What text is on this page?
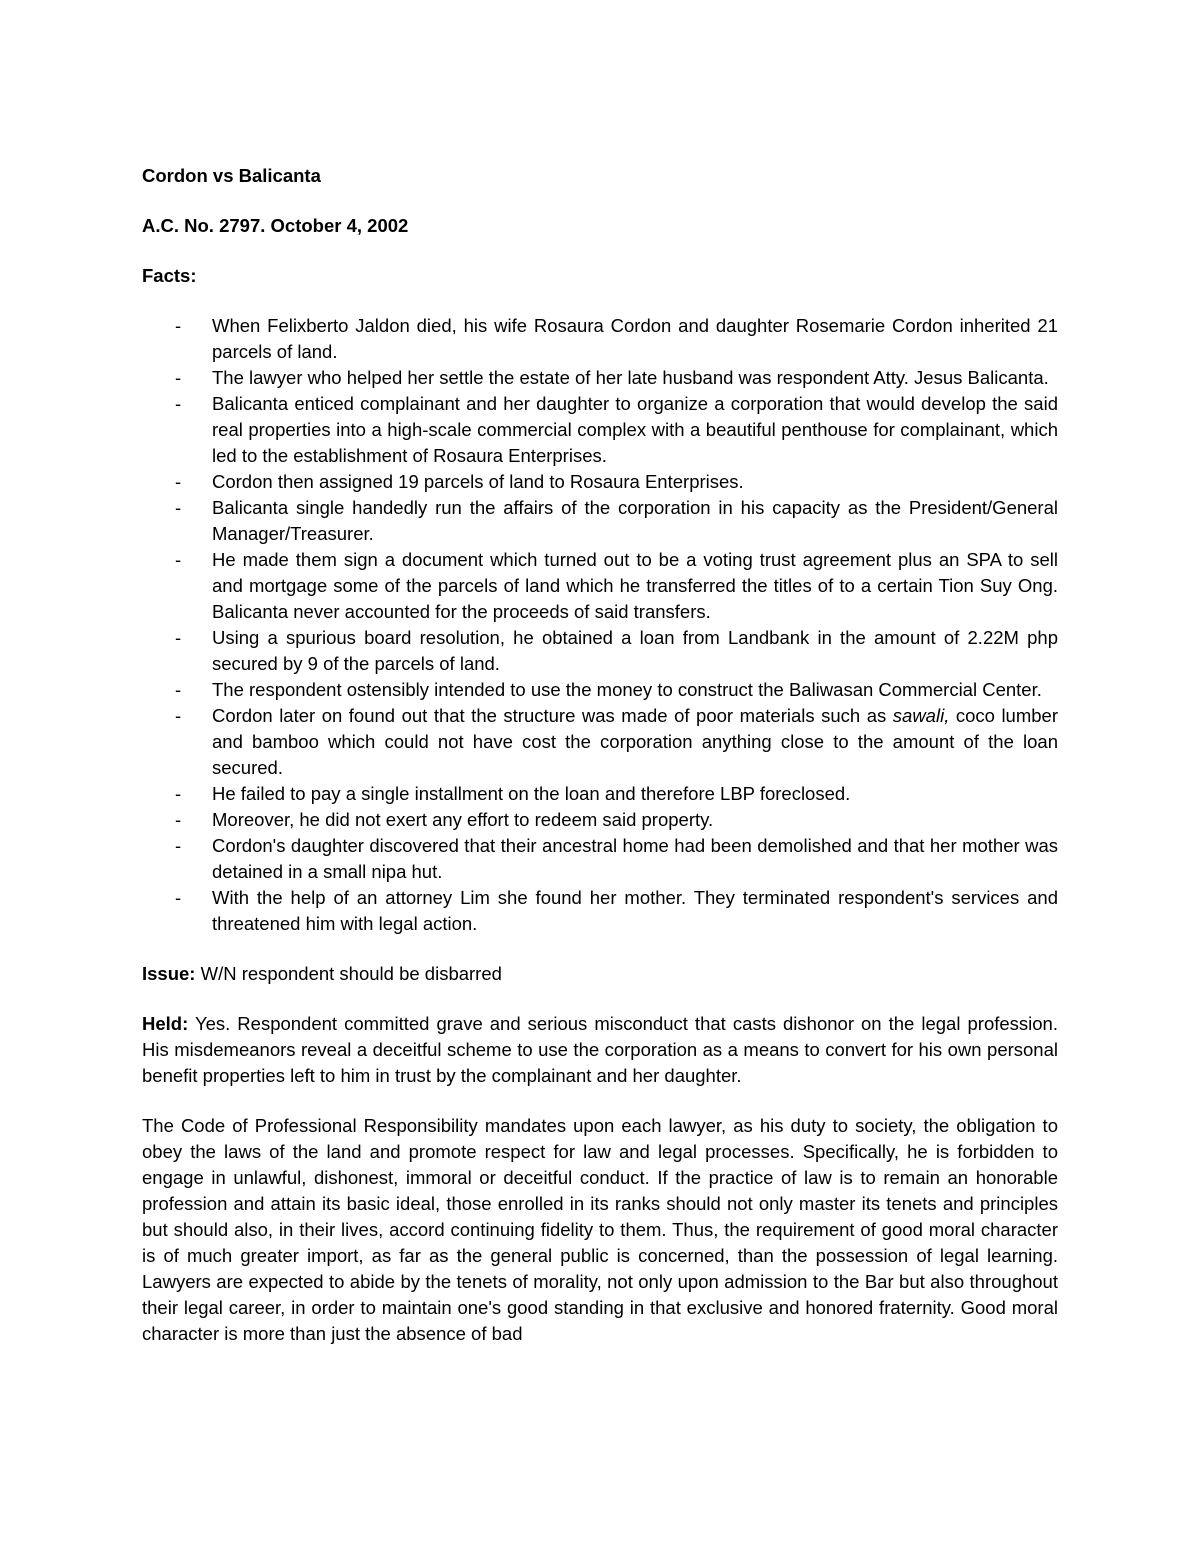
Cordon vs Balicanta
A.C. No. 2797. October 4, 2002
Facts:
- When Felixberto Jaldon died, his wife Rosaura Cordon and daughter Rosemarie Cordon inherited 21 parcels of land.
- The lawyer who helped her settle the estate of her late husband was respondent Atty. Jesus Balicanta.
- Balicanta enticed complainant and her daughter to organize a corporation that would develop the said real properties into a high-scale commercial complex with a beautiful penthouse for complainant, which led to the establishment of Rosaura Enterprises.
- Cordon then assigned 19 parcels of land to Rosaura Enterprises.
- Balicanta single handedly run the affairs of the corporation in his capacity as the President/General Manager/Treasurer.
- He made them sign a document which turned out to be a voting trust agreement plus an SPA to sell and mortgage some of the parcels of land which he transferred the titles of to a certain Tion Suy Ong. Balicanta never accounted for the proceeds of said transfers.
- Using a spurious board resolution, he obtained a loan from Landbank in the amount of 2.22M php secured by 9 of the parcels of land.
- The respondent ostensibly intended to use the money to construct the Baliwasan Commercial Center.
- Cordon later on found out that the structure was made of poor materials such as sawali, coco lumber and bamboo which could not have cost the corporation anything close to the amount of the loan secured.
- He failed to pay a single installment on the loan and therefore LBP foreclosed.
- Moreover, he did not exert any effort to redeem said property.
- Cordon's daughter discovered that their ancestral home had been demolished and that her mother was detained in a small nipa hut.
- With the help of an attorney Lim she found her mother. They terminated respondent's services and threatened him with legal action.
Issue: W/N respondent should be disbarred
Held: Yes. Respondent committed grave and serious misconduct that casts dishonor on the legal profession. His misdemeanors reveal a deceitful scheme to use the corporation as a means to convert for his own personal benefit properties left to him in trust by the complainant and her daughter.
The Code of Professional Responsibility mandates upon each lawyer, as his duty to society, the obligation to obey the laws of the land and promote respect for law and legal processes. Specifically, he is forbidden to engage in unlawful, dishonest, immoral or deceitful conduct. If the practice of law is to remain an honorable profession and attain its basic ideal, those enrolled in its ranks should not only master its tenets and principles but should also, in their lives, accord continuing fidelity to them. Thus, the requirement of good moral character is of much greater import, as far as the general public is concerned, than the possession of legal learning. Lawyers are expected to abide by the tenets of morality, not only upon admission to the Bar but also throughout their legal career, in order to maintain one's good standing in that exclusive and honored fraternity. Good moral character is more than just the absence of bad
